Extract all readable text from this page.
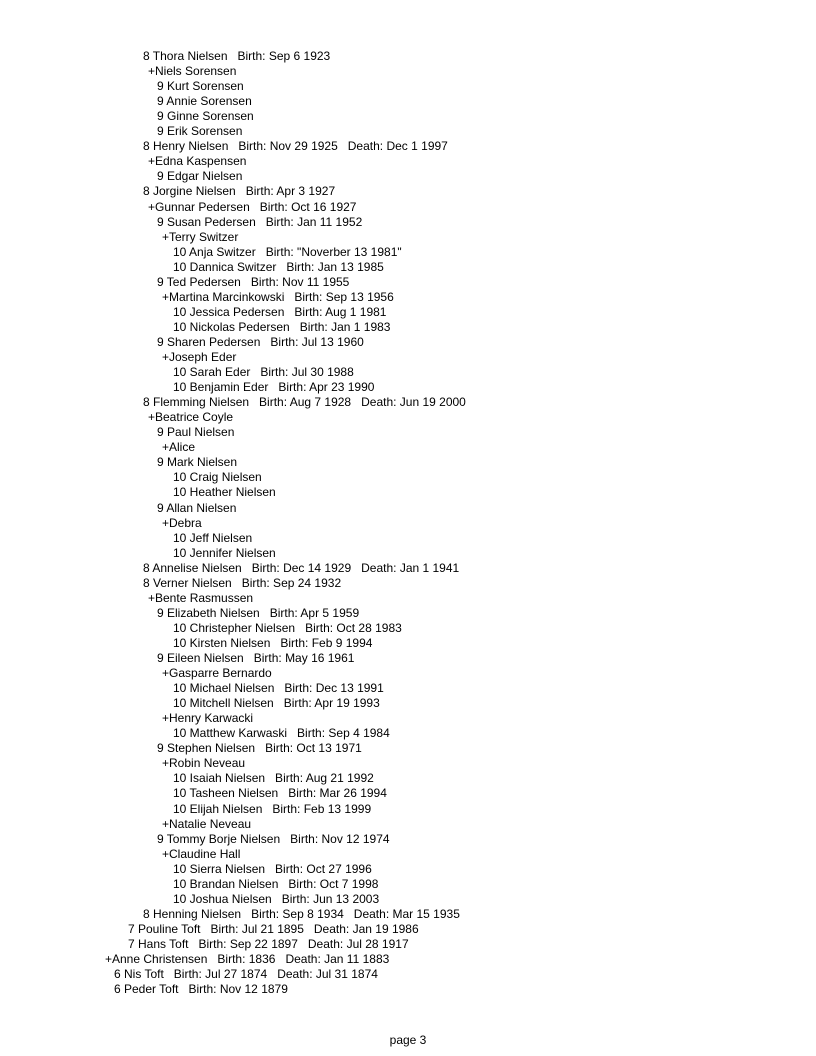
8 Thora Nielsen   Birth: Sep 6 1923
+Niels Sorensen
9 Kurt Sorensen
9 Annie Sorensen
9 Ginne Sorensen
9 Erik Sorensen
8 Henry Nielsen   Birth: Nov 29 1925   Death: Dec 1 1997
+Edna Kaspensen
9 Edgar Nielsen
8 Jorgine Nielsen   Birth: Apr 3 1927
+Gunnar Pedersen   Birth: Oct 16 1927
9 Susan Pedersen   Birth: Jan 11 1952
+Terry Switzer
10 Anja Switzer   Birth: "Noverber 13 1981"
10 Dannica Switzer   Birth: Jan 13 1985
9 Ted Pedersen   Birth: Nov 11 1955
+Martina Marcinkowski   Birth: Sep 13 1956
10 Jessica Pedersen   Birth: Aug 1 1981
10 Nickolas Pedersen   Birth: Jan 1 1983
9 Sharen Pedersen   Birth: Jul 13 1960
+Joseph Eder
10 Sarah Eder   Birth: Jul 30 1988
10 Benjamin Eder   Birth: Apr 23 1990
8 Flemming Nielsen   Birth: Aug 7 1928   Death: Jun 19 2000
+Beatrice Coyle
9 Paul Nielsen
+Alice
9 Mark Nielsen
10 Craig Nielsen
10 Heather Nielsen
9 Allan Nielsen
+Debra
10 Jeff Nielsen
10 Jennifer Nielsen
8 Annelise Nielsen   Birth: Dec 14 1929   Death: Jan 1 1941
8 Verner Nielsen   Birth: Sep 24 1932
+Bente Rasmussen
9 Elizabeth Nielsen   Birth: Apr 5 1959
10 Christepher Nielsen   Birth: Oct 28 1983
10 Kirsten Nielsen   Birth: Feb 9 1994
9 Eileen Nielsen   Birth: May 16 1961
+Gasparre Bernardo
10 Michael Nielsen   Birth: Dec 13 1991
10 Mitchell Nielsen   Birth: Apr 19 1993
+Henry Karwacki
10 Matthew Karwaski   Birth: Sep 4 1984
9 Stephen Nielsen   Birth: Oct 13 1971
+Robin Neveau
10 Isaiah Nielsen   Birth: Aug 21 1992
10 Tasheen Nielsen   Birth: Mar 26 1994
10 Elijah Nielsen   Birth: Feb 13 1999
+Natalie Neveau
9 Tommy Borje Nielsen   Birth: Nov 12 1974
+Claudine Hall
10 Sierra Nielsen   Birth: Oct 27 1996
10 Brandan Nielsen   Birth: Oct 7 1998
10 Joshua Nielsen   Birth: Jun 13 2003
8 Henning Nielsen   Birth: Sep 8 1934   Death: Mar 15 1935
7 Pouline Toft   Birth: Jul 21 1895   Death: Jan 19 1986
7 Hans Toft   Birth: Sep 22 1897   Death: Jul 28 1917
+Anne Christensen   Birth: 1836   Death: Jan 11 1883
6 Nis Toft   Birth: Jul 27 1874   Death: Jul 31 1874
6 Peder Toft   Birth: Nov 12 1879
page 3
